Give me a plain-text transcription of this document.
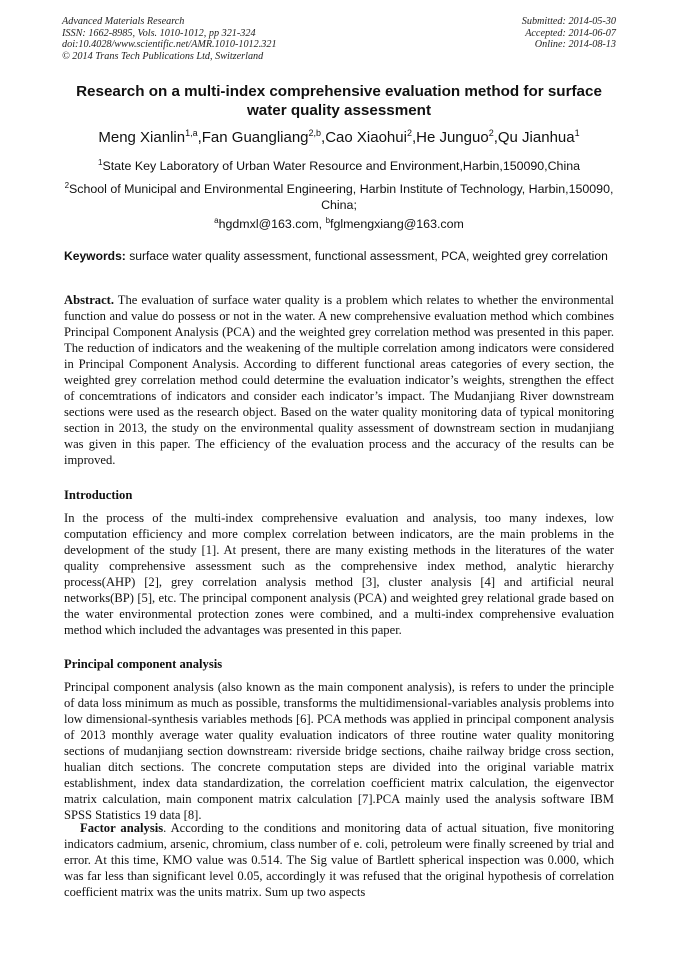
Advanced Materials Research
ISSN: 1662-8985, Vols. 1010-1012, pp 321-324
doi:10.4028/www.scientific.net/AMR.1010-1012.321
© 2014 Trans Tech Publications Ltd, Switzerland
Submitted: 2014-05-30
Accepted: 2014-06-07
Online: 2014-08-13
Research on a multi-index comprehensive evaluation method for surface water quality assessment
Meng Xianlin$^{1,a}$,Fan Guangliang$^{2,b}$,Cao Xiaohui$^2$,He Junguo$^2$,Qu Jianhua$^1$
$^1$State Key Laboratory of Urban Water Resource and Environment,Harbin,150090,China
$^2$School of Municipal and Environmental Engineering, Harbin Institute of Technology, Harbin,150090, China;
$^a$hgdmxl@163.com, $^b$fglmengxiang@163.com
Keywords: surface water quality assessment, functional assessment, PCA, weighted grey correlation

Abstract. The evaluation of surface water quality is a problem which relates to whether the environmental function and value do possess or not in the water. A new comprehensive evaluation method which combines Principal Component Analysis (PCA) and the weighted grey correlation method was presented in this paper. The reduction of indicators and the weakening of the multiple correlation among indicators were considered in Principal Component Analysis. According to different functional areas categories of every section, the weighted grey correlation method could determine the evaluation indicator’s weights, strengthen the effect of concemtrations of indicators and consider each indicator’s impact. The Mudanjiang River downstream sections were used as the research object. Based on the water quality monitoring data of typical monitoring section in 2013, the study on the environmental quality assessment of downstream section in mudanjiang was given in this paper. The efficiency of the evaluation process and the accuracy of the results can be improved.

Introduction

In the process of the multi-index comprehensive evaluation and analysis, too many indexes, low computation efficiency and more complex correlation between indicators, are the main problems in the development of the study [1]. At present, there are many existing methods in the literatures of the water quality comprehensive assessment such as the comprehensive index method, analytic hierarchy process(AHP) [2], grey correlation analysis method [3], cluster analysis [4] and artificial neural networks(BP) [5], etc. The principal component analysis (PCA) and weighted grey relational grade based on the water environmental protection zones were combined, and a multi-index comprehensive evaluation method which included the advantages was presented in this paper.

Principal component analysis

Principal component analysis (also known as the main component analysis), is refers to under the principle of data loss minimum as much as possible, transforms the multidimensional-variables analysis problems into low dimensional-synthesis variables methods [6]. PCA methods was applied in principal component analysis of 2013 monthly average water quality evaluation indicators of three routine water quality monitoring sections of mudanjiang section downstream: riverside bridge sections, chaihe railway bridge cross section, hualian ditch sections. The concrete computation steps are divided into the original variable matrix establishment, index data standardization, the correlation coefficient matrix calculation, the eigenvector matrix calculation, main component matrix calculation [7].PCA mainly used the analysis software IBM SPSS Statistics 19 data [8].

Factor analysis. According to the conditions and monitoring data of actual situation, five monitoring indicators cadmium, arsenic, chromium, class number of e. coli, petroleum were finally screened by trial and error. At this time, KMO value was 0.514. The Sig value of Bartlett spherical inspection was 0.000, which was far less than significant level 0.05, accordingly it was refused that the original hypothesis of correlation coefficient matrix was the units matrix. Sum up two aspects
